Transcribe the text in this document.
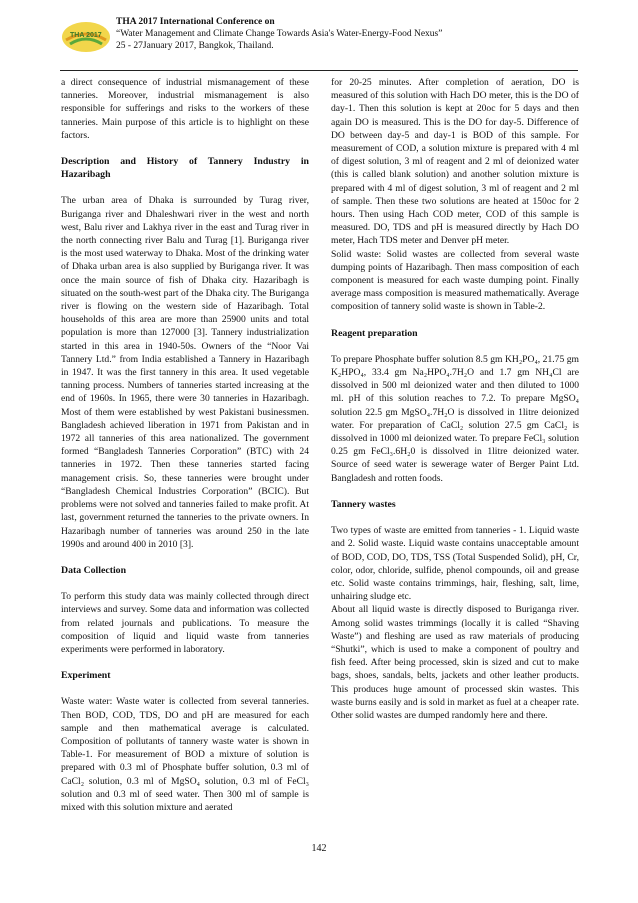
THA 2017
THA 2017 International Conference on
“Water Management and Climate Change Towards Asia's Water-Energy-Food Nexus”
25 - 27January 2017, Bangkok, Thailand.

a direct consequence of industrial mismanagement of these tanneries. Moreover, industrial mismanagement is also responsible for sufferings and risks to the workers of these tanneries. Main purpose of this article is to highlight on these factors.

Description and History of Tannery Industry in Hazaribagh

The urban area of Dhaka is surrounded by Turag river, Buriganga river and Dhaleshwari river in the west and north west, Balu river and Lakhya river in the east and Turag river in the north connecting river Balu and Turag [1]. Buriganga river is the most used waterway to Dhaka. Most of the drinking water of Dhaka urban area is also supplied by Buriganga river. It was once the main source of fish of Dhaka city. Hazaribagh is situated on the south-west part of the Dhaka city. The Buriganga river is flowing on the western side of Hazaribagh. Total households of this area are more than 25900 units and total population is more than 127000 [3]. Tannery industrialization started in this area in 1940-50s. Owners of the “Noor Vai Tannery Ltd.” from India established a Tannery in Hazaribagh in 1947. It was the first tannery in this area. It used vegetable tanning process. Numbers of tanneries started increasing at the end of 1960s. In 1965, there were 30 tanneries in Hazaribagh. Most of them were established by west Pakistani businessmen. Bangladesh achieved liberation in 1971 from Pakistan and in 1972 all tanneries of this area nationalized. The government formed “Bangladesh Tanneries Corporation” (BTC) with 24 tanneries in 1972. Then these tanneries started facing management crisis. So, these tanneries were brought under “Bangladesh Chemical Industries Corporation” (BCIC). But problems were not solved and tanneries failed to make profit. At last, government returned the tanneries to the private owners. In Hazaribagh number of tanneries was around 250 in the late 1990s and around 400 in 2010 [3].

Data Collection

To perform this study data was mainly collected through direct interviews and survey. Some data and information was collected from related journals and publications. To measure the composition of liquid and liquid waste from tanneries experiments were performed in laboratory.

Experiment

Waste water: Waste water is collected from several tanneries. Then BOD, COD, TDS, DO and pH are measured for each sample and then mathematical average is calculated. Composition of pollutants of tannery waste water is shown in Table-1. For measurement of BOD a mixture of solution is prepared with 0.3 ml of Phosphate buffer solution, 0.3 ml of CaCl₂ solution, 0.3 ml of MgSO₄ solution, 0.3 ml of FeCl₃ solution and 0.3 ml of seed water. Then 300 ml of sample is mixed with this solution mixture and aerated

for 20-25 minutes. After completion of aeration, DO is measured of this solution with Hach DO meter, this is the DO of day-1. Then this solution is kept at 20oc for 5 days and then again DO is measured. This is the DO for day-5. Difference of DO between day-5 and day-1 is BOD of this sample. For measurement of COD, a solution mixture is prepared with 4 ml of digest solution, 3 ml of reagent and 2 ml of deionized water (this is called blank solution) and another solution mixture is prepared with 4 ml of digest solution, 3 ml of reagent and 2 ml of sample. Then these two solutions are heated at 150oc for 2 hours. Then using Hach COD meter, COD of this sample is measured. DO, TDS and pH is measured directly by Hach DO meter, Hach TDS meter and Denver pH meter.

Solid waste: Solid wastes are collected from several waste dumping points of Hazaribagh. Then mass composition of each component is measured for each waste dumping point. Finally average mass composition is measured mathematically. Average composition of tannery solid waste is shown in Table-2.

Reagent preparation

To prepare Phosphate buffer solution 8.5 gm KH₂PO₄, 21.75 gm K₂HPO₄, 33.4 gm Na₂HPO₄.7H₂O and 1.7 gm NH₄Cl are dissolved in 500 ml deionized water and then diluted to 1000 ml. pH of this solution reaches to 7.2. To prepare MgSO₄ solution 22.5 gm MgSO₄.7H₂O is dissolved in 1litre deionized water. For preparation of CaCl₂ solution 27.5 gm CaCl₂ is dissolved in 1000 ml deionized water. To prepare FeCl₃ solution 0.25 gm FeCl₃.6H₂0 is dissolved in 1litre deionized water. Source of seed water is sewerage water of Berger Paint Ltd. Bangladesh and rotten foods.

Tannery wastes

Two types of waste are emitted from tanneries - 1. Liquid waste and 2. Solid waste. Liquid waste contains unacceptable amount of BOD, COD, DO, TDS, TSS (Total Suspended Solid), pH, Cr, color, odor, chloride, sulfide, phenol compounds, oil and grease etc. Solid waste contains trimmings, hair, fleshing, salt, lime, unhairing sludge etc.

About all liquid waste is directly disposed to Buriganga river. Among solid wastes trimmings (locally it is called “Shaving Waste”) and fleshing are used as raw materials of producing “Shutki”, which is used to make a component of poultry and fish feed. After being processed, skin is sized and cut to make bags, shoes, sandals, belts, jackets and other leather products. This produces huge amount of processed skin wastes. This waste burns easily and is sold in market as fuel at a cheaper rate. Other solid wastes are dumped randomly here and there.

142
